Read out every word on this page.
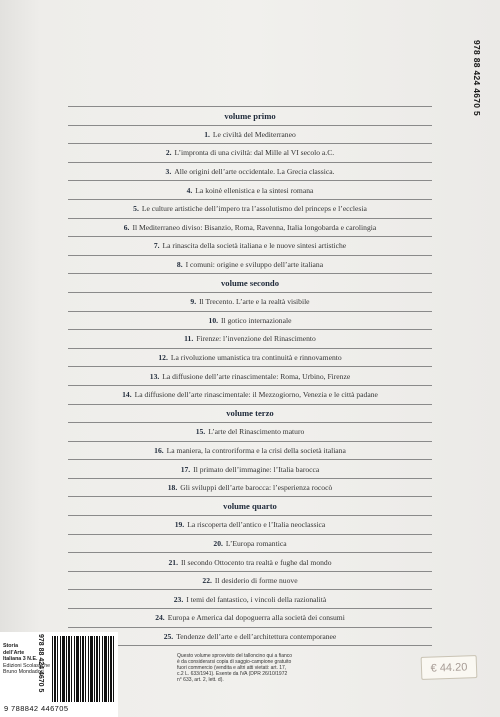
978 88 424 4670 5
volume primo
1. Le civiltà del Mediterraneo
2. L’impronta di una civiltà: dal Mille al VI secolo a.C.
3. Alle origini dell’arte occidentale. La Grecia classica.
4. La koinè ellenistica e la sintesi romana
5. Le culture artistiche dell’impero tra l’assolutismo del princeps e l’ecclesia
6. Il Mediterraneo diviso: Bisanzio, Roma, Ravenna, Italia longobarda e carolingia
7. La rinascita della società italiana e le nuove sintesi artistiche
8. I comuni: origine e sviluppo dell’arte italiana
volume secondo
9. Il Trecento. L’arte e la realtà visibile
10. Il gotico internazionale
11. Firenze: l’invenzione del Rinascimento
12. La rivoluzione umanistica tra continuità e rinnovamento
13. La diffusione dell’arte rinascimentale: Roma, Urbino, Firenze
14. La diffusione dell’arte rinascimentale: il Mezzogiorno, Venezia e le città padane
volume terzo
15. L’arte del Rinascimento maturo
16. La maniera, la controriforma e la crisi della società italiana
17. Il primato dell’immagine: l’Italia barocca
18. Gli sviluppi dell’arte barocca: l’esperienza rococò
volume quarto
19. La riscoperta dell’antico e l’Italia neoclassica
20. L’Europa romantica
21. Il secondo Ottocento tra realtà e fughe dal mondo
22. Il desiderio di forme nuove
23. I temi del fantastico, i vincoli della razionalità
24. Europa e America dal dopoguerra alla società dei consumi
25. Tendenze dell’arte e dell’architettura contemporanee
Storia
dell’Arte
Italiana 3 N.E.
Edizioni Scolastiche
Bruno Mondadori
978 88 424 4670 5
9 788842 446705
Questo volume sprovvisto del talloncino qui a fianco
è da considerarsi copia di saggio-campione gratuito
fuori commercio (vendita e altri atti vietati: art. 17,
c.2 L. 633/1941). Esente da IVA (DPR 26/10/1972
n° 633, art. 2, lett. d).
€ 44.20
